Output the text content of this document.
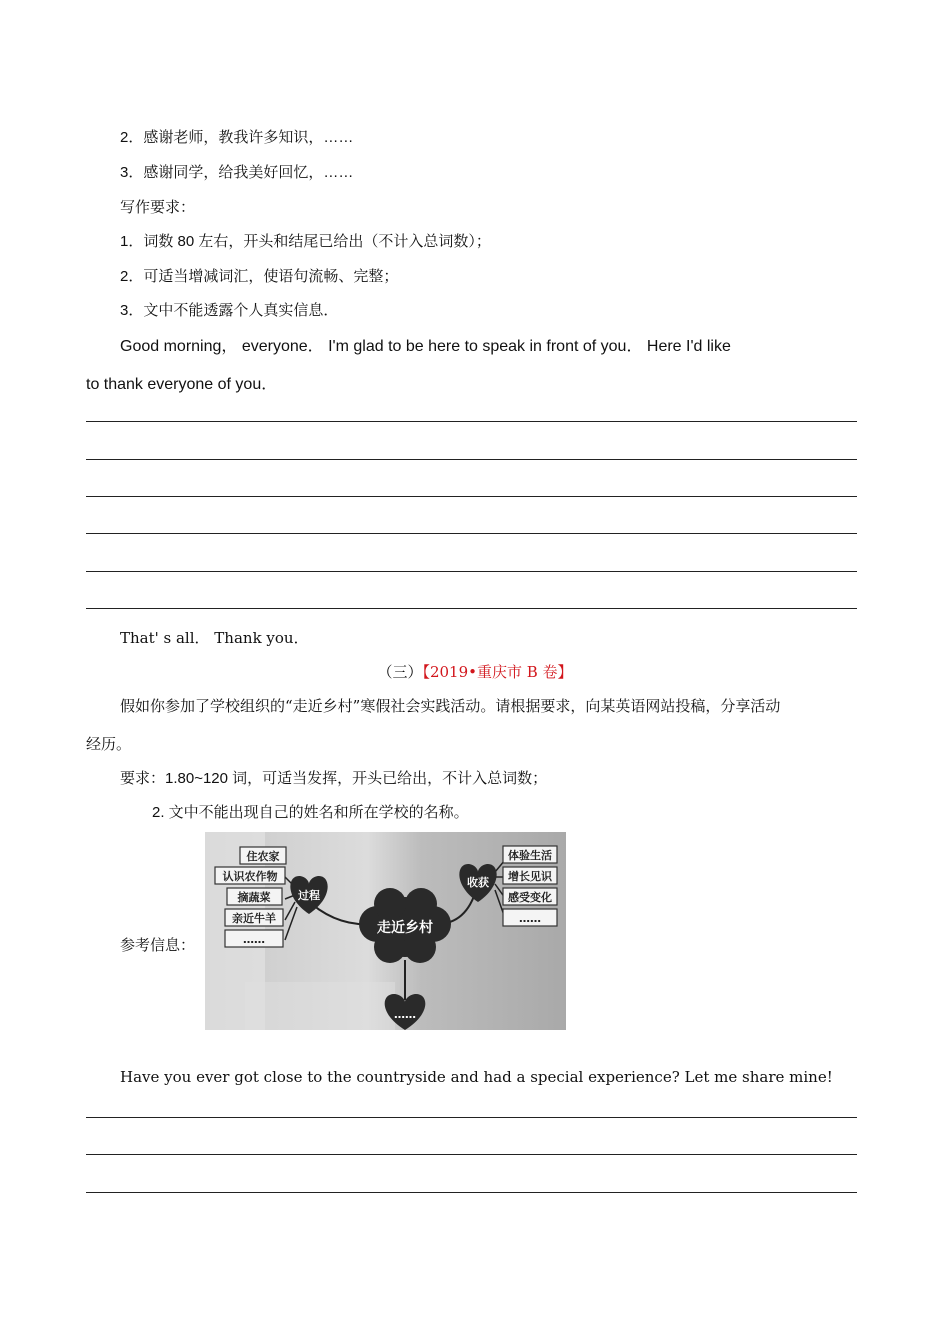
2．感谢老师，教我许多知识，……
3．感谢同学，给我美好回忆，……
写作要求：
1．词数 80 左右，开头和结尾已给出（不计入总词数）；
2．可适当增减词汇，使语句流畅、完整；
3．文中不能透露个人真实信息．
Good morning， everyone． I'm glad to be here to speak in front of you． Here I'd like
to thank everyone of you．
That' s all． Thank you．
（三）【2019•重庆市 B 卷】
假如你参加了学校组织的“走近乡村”寒假社会实践活动。请根据要求，向某英语网站投稿，分享活动
经历。
要求：1.80~120 词，可适当发挥，开头已给出，不计入总词数；
2. 文中不能出现自己的姓名和所在学校的名称。
参考信息：
住农家
认识农作物
摘蔬菜
亲近牛羊
……
过程
收获
体验生活
增长见识
感受变化
……
走近乡村
……
Have you ever got close to the countryside and had a special experience? Let me share mine!
